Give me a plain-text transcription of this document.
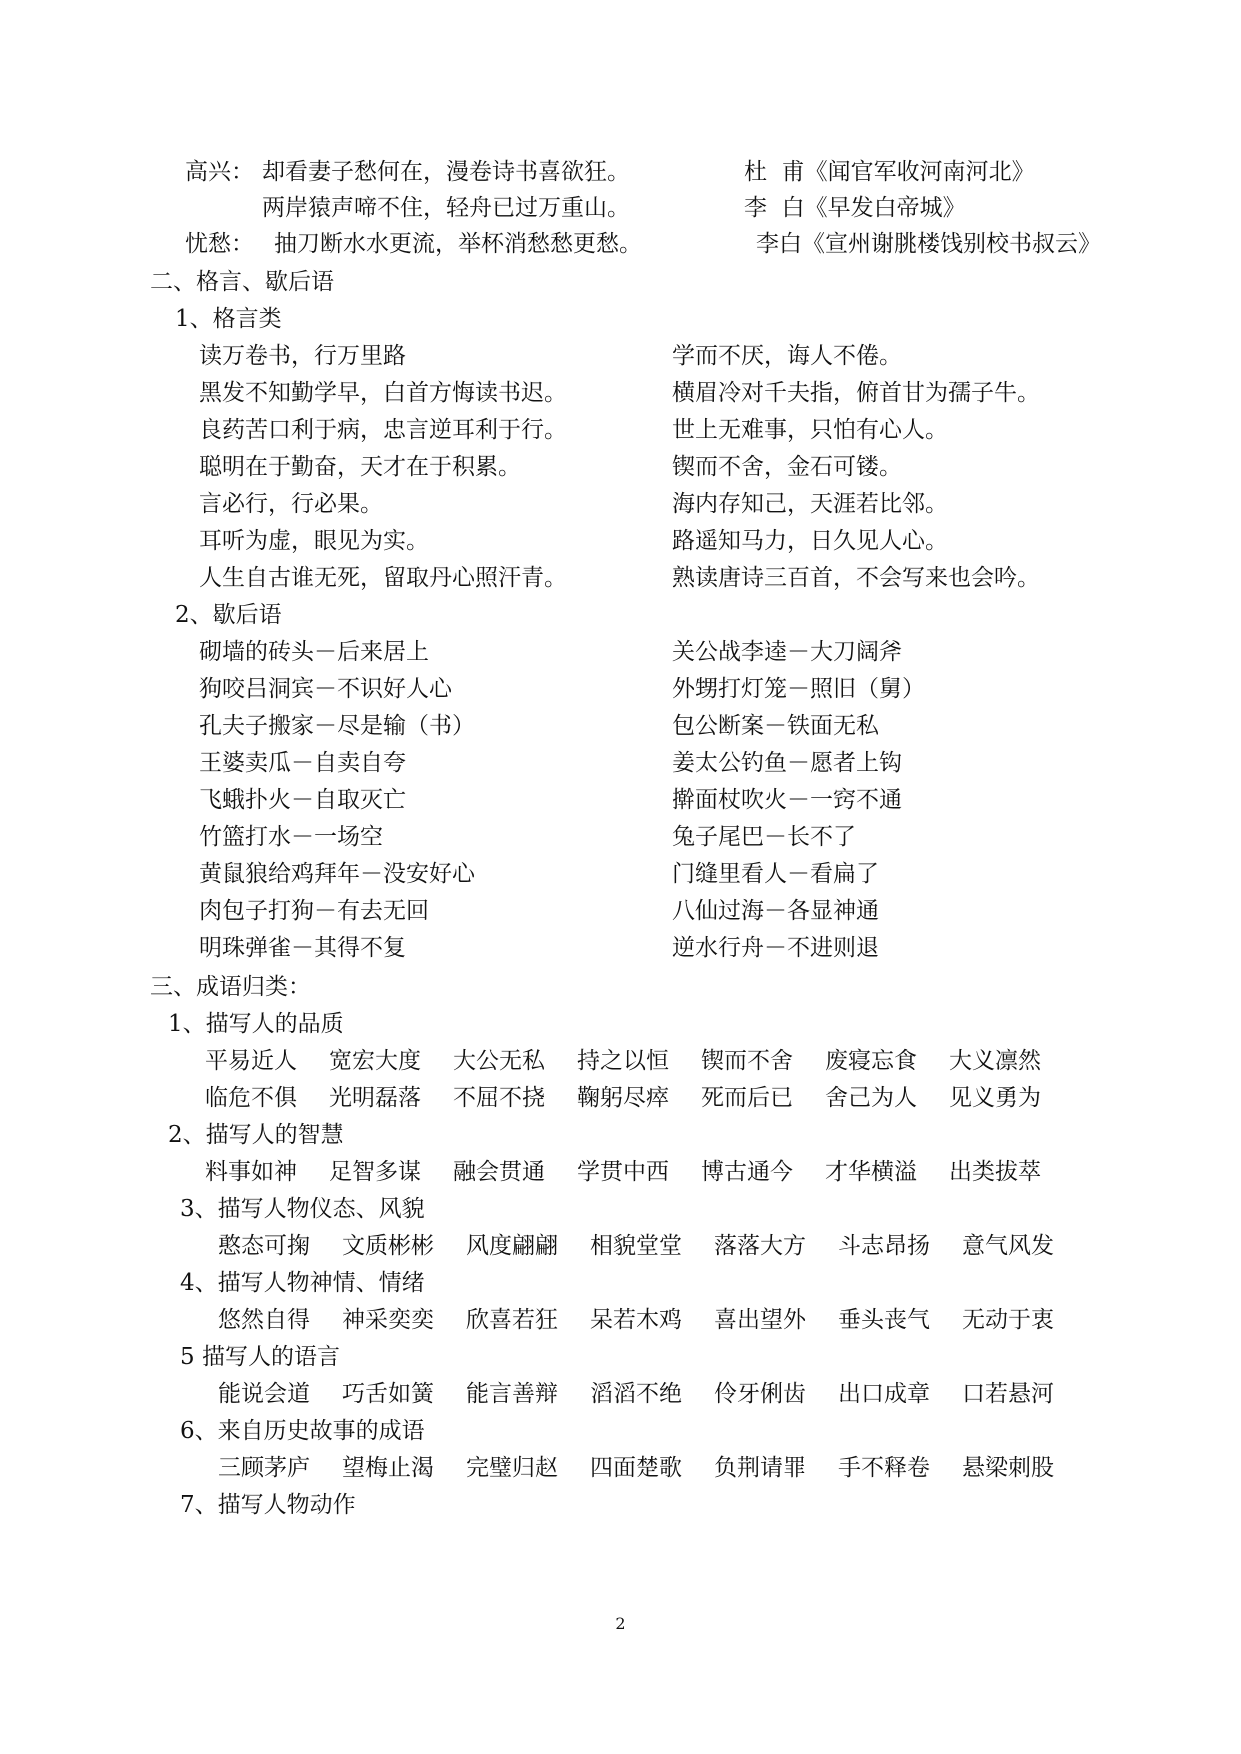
高兴： 却看妻子愁何在，漫卷诗书喜欲狂。	杜  甫《闻官军收河南河北》
两岸猿声啼不住，轻舟已过万重山。	李  白《早发白帝城》
忧愁： 抽刀断水水更流，举杯消愁愁更愁。	李白《宣州谢朓楼饯别校书叔云》
二、格言、歇后语
1、格言类
读万卷书，行万里路	学而不厌，诲人不倦。
黑发不知勤学早，白首方悔读书迟。	横眉冷对千夫指，俯首甘为孺子牛。
良药苦口利于病，忠言逆耳利于行。	世上无难事，只怕有心人。
聪明在于勤奋，天才在于积累。	锲而不舍，金石可镂。
言必行，行必果。	海内存知己，天涯若比邻。
耳听为虚，眼见为实。	路遥知马力，日久见人心。
人生自古谁无死，留取丹心照汗青。	熟读唐诗三百首，不会写来也会吟。
2、歇后语
砌墙的砖头－后来居上	关公战李逵－大刀阔斧
狗咬吕洞宾－不识好人心	外甥打灯笼－照旧（舅）
孔夫子搬家－尽是输（书）	包公断案－铁面无私
王婆卖瓜－自卖自夸	姜太公钓鱼－愿者上钩
飞蛾扑火－自取灭亡	擀面杖吹火－一窍不通
竹篮打水－一场空	兔子尾巴－长不了
黄鼠狼给鸡拜年－没安好心	门缝里看人－看扁了
肉包子打狗－有去无回	八仙过海－各显神通
明珠弹雀－其得不复	逆水行舟－不进则退
三、成语归类：
1、描写人的品质
平易近人	宽宏大度	大公无私	持之以恒	锲而不舍	废寝忘食	大义凛然
临危不俱	光明磊落	不屈不挠	鞠躬尽瘁	死而后已	舍己为人	见义勇为
2、描写人的智慧
料事如神	足智多谋	融会贯通	学贯中西	博古通今	才华横溢	出类拔萃
3、描写人物仪态、风貌
憨态可掬	文质彬彬	风度翩翩	相貌堂堂	落落大方	斗志昂扬	意气风发
4、描写人物神情、情绪
悠然自得	神采奕奕	欣喜若狂	呆若木鸡	喜出望外	垂头丧气	无动于衷
5 描写人的语言
能说会道	巧舌如簧	能言善辩	滔滔不绝	伶牙俐齿	出口成章	口若悬河
6、来自历史故事的成语
三顾茅庐	望梅止渴	完璧归赵	四面楚歌	负荆请罪	手不释卷	悬梁刺股
7、描写人物动作
2
